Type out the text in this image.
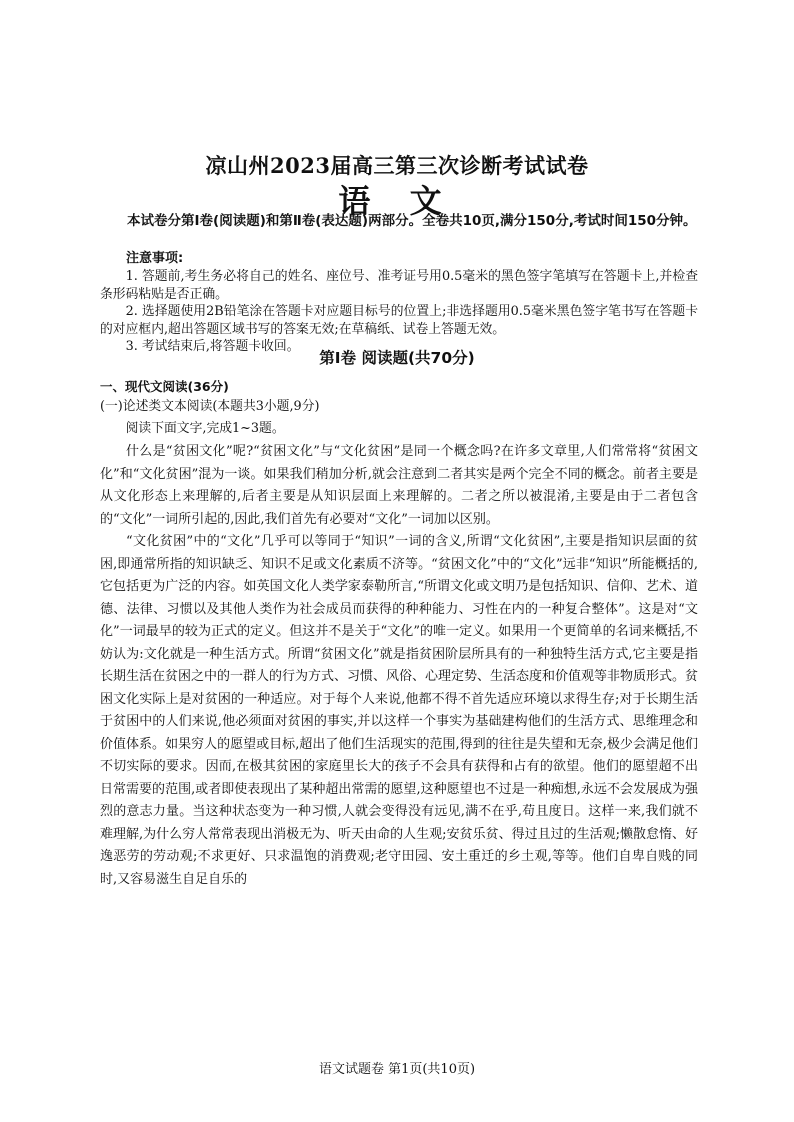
凉山州2023届高三第三次诊断考试试卷
语 文

本试卷分第Ⅰ卷(阅读题)和第Ⅱ卷(表达题)两部分。全卷共10页,满分150分,考试时间150分钟。

注意事项:

1. 答题前,考生务必将自己的姓名、座位号、准考证号用0.5毫米的黑色签字笔填写在答题卡上,并检查条形码粘贴是否正确。
2. 选择题使用2B铅笔涂在答题卡对应题目标号的位置上;非选择题用0.5毫米黑色签字笔书写在答题卡的对应框内,超出答题区域书写的答案无效;在草稿纸、试卷上答题无效。
3. 考试结束后,将答题卡收回。
第Ⅰ卷 阅读题(共70分)

一、现代文阅读(36分)

(一)论述类文本阅读(本题共3小题,9分)

阅读下面文字,完成1~3题。

什么是“贫困文化”呢?“贫困文化”与“文化贫困”是同一个概念吗?在许多文章里,人们常常将“贫困文化”和“文化贫困”混为一谈。如果我们稍加分析,就会注意到二者其实是两个完全不同的概念。前者主要是从文化形态上来理解的,后者主要是从知识层面上来理解的。二者之所以被混淆,主要是由于二者包含的“文化”一词所引起的,因此,我们首先有必要对“文化”一词加以区别。

“文化贫困”中的“文化”几乎可以等同于“知识”一词的含义,所谓“文化贫困”,主要是指知识层面的贫困,即通常所指的知识缺乏、知识不足或文化素质不济等。“贫困文化”中的“文化”远非“知识”所能概括的,它包括更为广泛的内容。如英国文化人类学家泰勒所言,“所谓文化或文明乃是包括知识、信仰、艺术、道德、法律、习惯以及其他人类作为社会成员而获得的种种能力、习性在内的一种复合整体”。这是对“文化”一词最早的较为正式的定义。但这并不是关于“文化”的唯一定义。如果用一个更简单的名词来概括,不妨认为:文化就是一种生活方式。所谓“贫困文化”就是指贫困阶层所具有的一种独特生活方式,它主要是指长期生活在贫困之中的一群人的行为方式、习惯、风俗、心理定势、生活态度和价值观等非物质形式。贫困文化实际上是对贫困的一种适应。对于每个人来说,他都不得不首先适应环境以求得生存;对于长期生活于贫困中的人们来说,他必须面对贫困的事实,并以这样一个事实为基础建构他们的生活方式、思维理念和价值体系。如果穷人的愿望或目标,超出了他们生活现实的范围,得到的往往是失望和无奈,极少会满足他们不切实际的要求。因而,在极其贫困的家庭里长大的孩子不会具有获得和占有的欲望。他们的愿望超不出日常需要的范围,或者即使表现出了某种超出常需的愿望,这种愿望也不过是一种痴想,永远不会发展成为强烈的意志力量。当这种状态变为一种习惯,人就会变得没有远见,满不在乎,苟且度日。这样一来,我们就不难理解,为什么穷人常常表现出消极无为、听天由命的人生观;安贫乐贫、得过且过的生活观;懒散怠惰、好逸恶劳的劳动观;不求更好、只求温饱的消费观;老守田园、安土重迁的乡土观,等等。他们自卑自贱的同时,又容易滋生自足自乐的

语文试题卷 第1页(共10页)
